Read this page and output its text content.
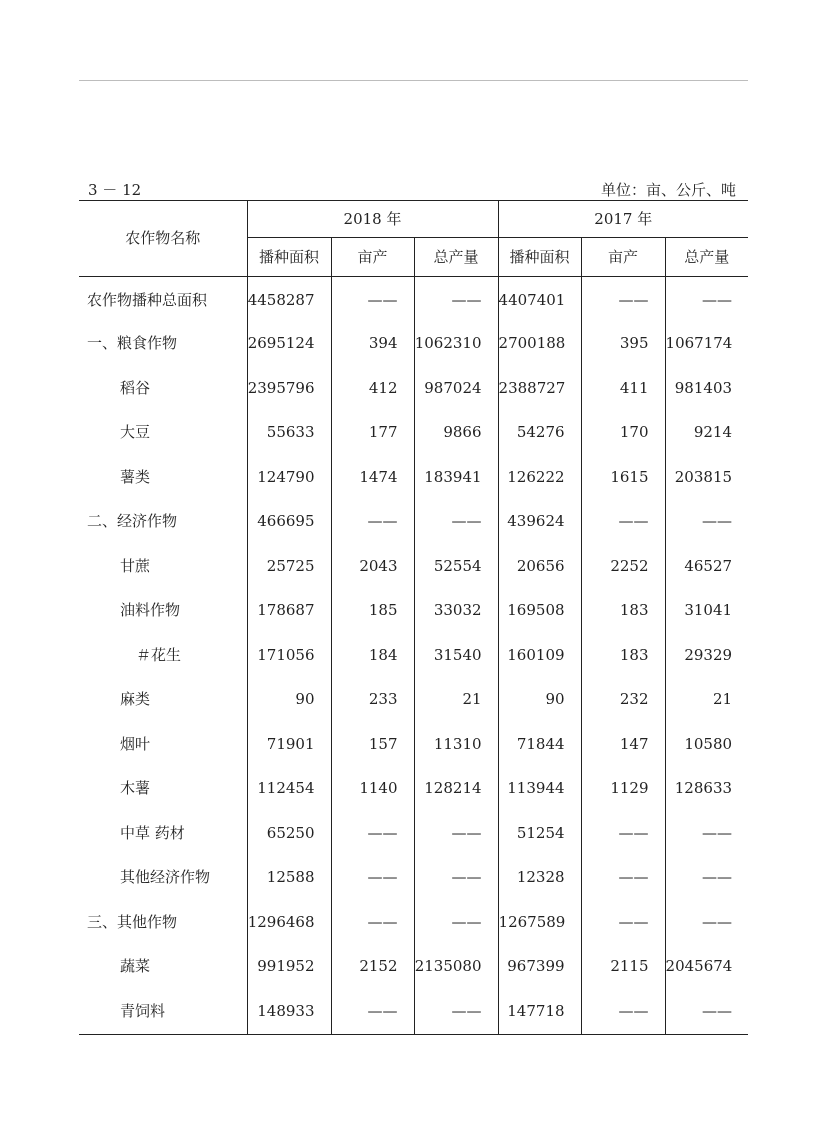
3 － 12	单位：亩、公斤、吨
农作物名称	2018 年			2017 年		
	播种面积	亩产	总产量	播种面积	亩产	总产量
农作物播种总面积	4458287	——	——	4407401	——	——
一、粮食作物	2695124	394	1062310	2700188	395	1067174
稻谷	2395796	412	987024	2388727	411	981403
大豆	55633	177	9866	54276	170	9214
薯类	124790	1474	183941	126222	1615	203815
二、经济作物	466695	——	——	439624	——	——
甘蔗	25725	2043	52554	20656	2252	46527
油料作物	178687	185	33032	169508	183	31041
＃花生	171056	184	31540	160109	183	29329
麻类	90	233	21	90	232	21
烟叶	71901	157	11310	71844	147	10580
木薯	112454	1140	128214	113944	1129	128633
中草 药材	65250	——	——	51254	——	——
其他经济作物	12588	——	——	12328	——	——
三、其他作物	1296468	——	——	1267589	——	——
蔬菜	991952	2152	2135080	967399	2115	2045674
青饲料	148933	——	——	147718	——	——
